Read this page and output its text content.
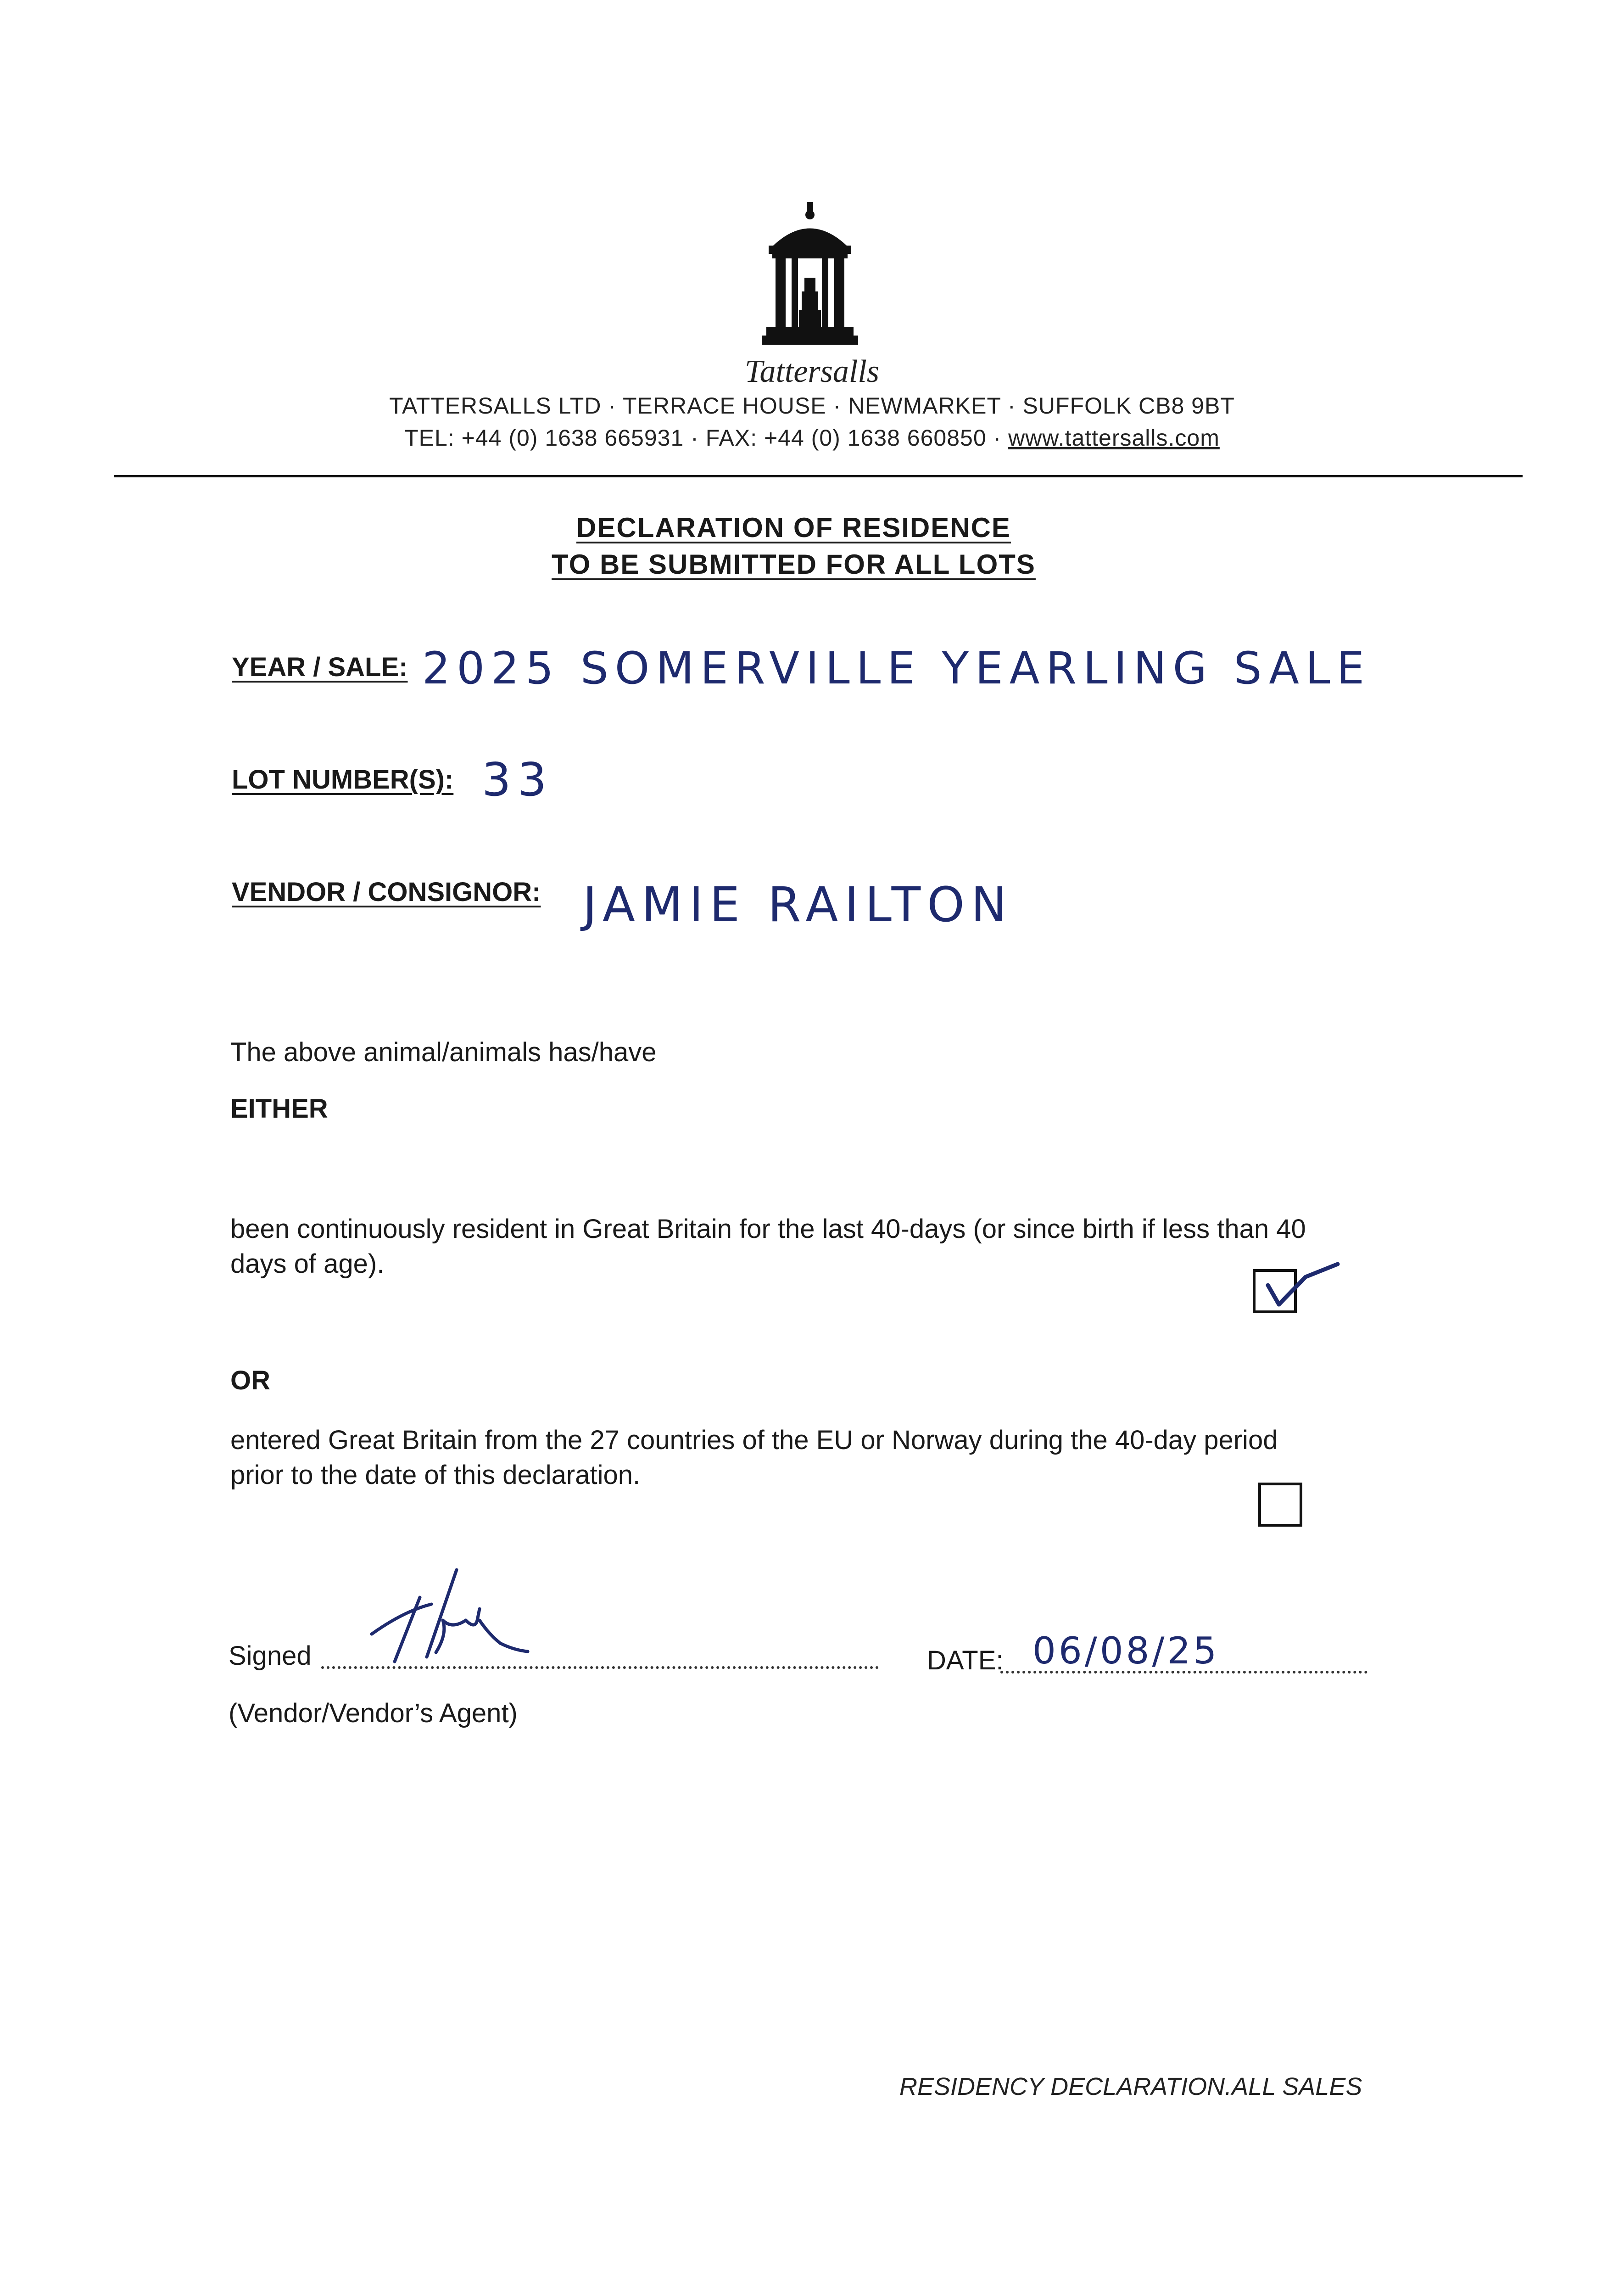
Tattersalls
TATTERSALLS LTD · TERRACE HOUSE · NEWMARKET · SUFFOLK CB8 9BT
TEL: +44 (0) 1638 665931 · FAX: +44 (0) 1638 660850 · www.tattersalls.com
DECLARATION OF RESIDENCE
TO BE SUBMITTED FOR ALL LOTS
YEAR / SALE: 2025 SOMERVILLE YEARLING SALE
LOT NUMBER(S): 33
VENDOR / CONSIGNOR: JAMIE RAILTON
The above animal/animals has/have
EITHER
been continuously resident in Great Britain for the last 40-days (or since birth if less than 40
days of age).
OR
entered Great Britain from the 27 countries of the EU or Norway during the 40-day period
prior to the date of this declaration.
Signed
(Vendor/Vendor’s Agent)
DATE: 06/08/25
RESIDENCY DECLARATION.ALL SALES
